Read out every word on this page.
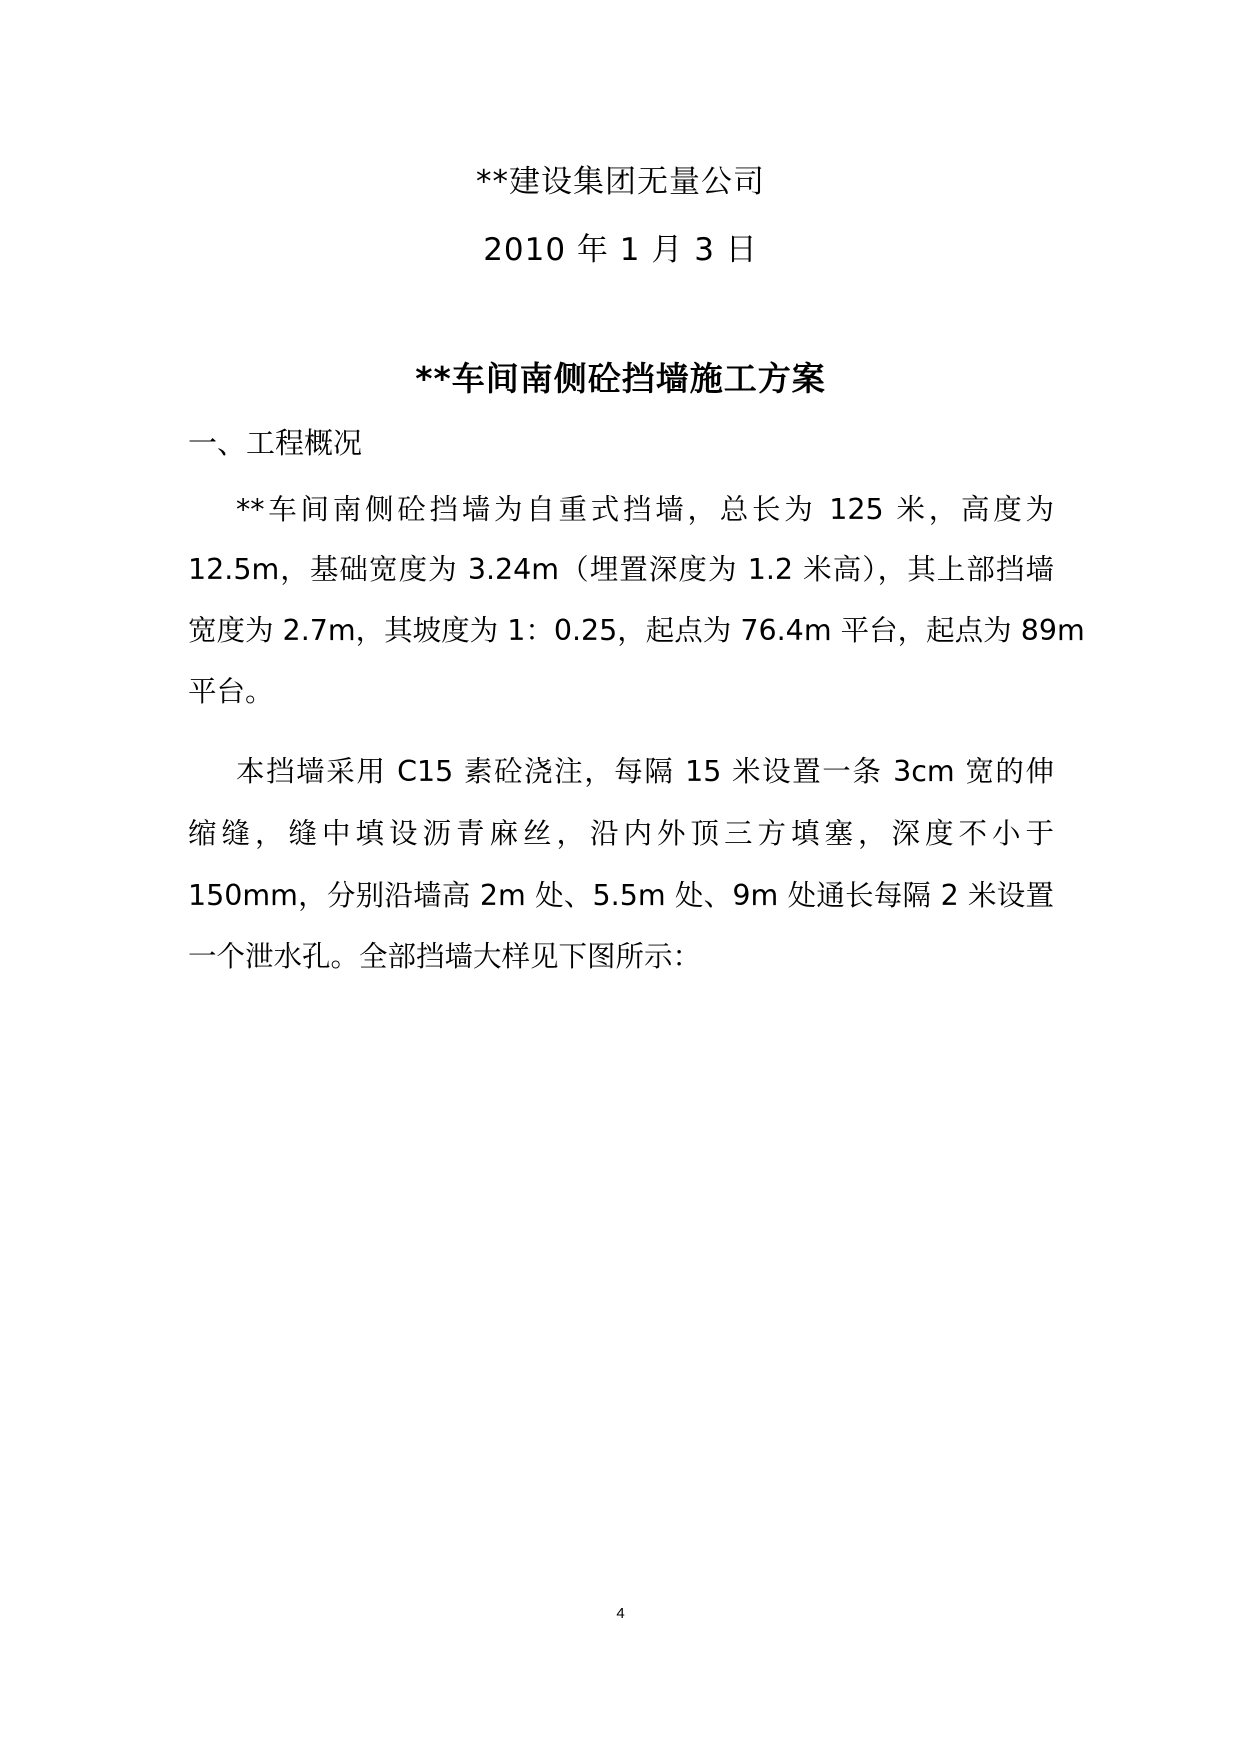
**建设集团无量公司
2010 年 1 月 3 日
**车间南侧砼挡墙施工方案
一、工程概况
**车间南侧砼挡墙为自重式挡墙，总长为 125 米，高度为
12.5m，基础宽度为 3.24m（埋置深度为 1.2 米高），其上部挡墙
宽度为 2.7m，其坡度为 1：0.25，起点为 76.4m 平台，起点为 89m
平台。
本挡墙采用 C15 素砼浇注，每隔 15 米设置一条 3cm 宽的伸
缩缝，缝中填设沥青麻丝，沿内外顶三方填塞，深度不小于
150mm，分别沿墙高 2m 处、5.5m 处、9m 处通长每隔 2 米设置
一个泄水孔。全部挡墙大样见下图所示：
4
